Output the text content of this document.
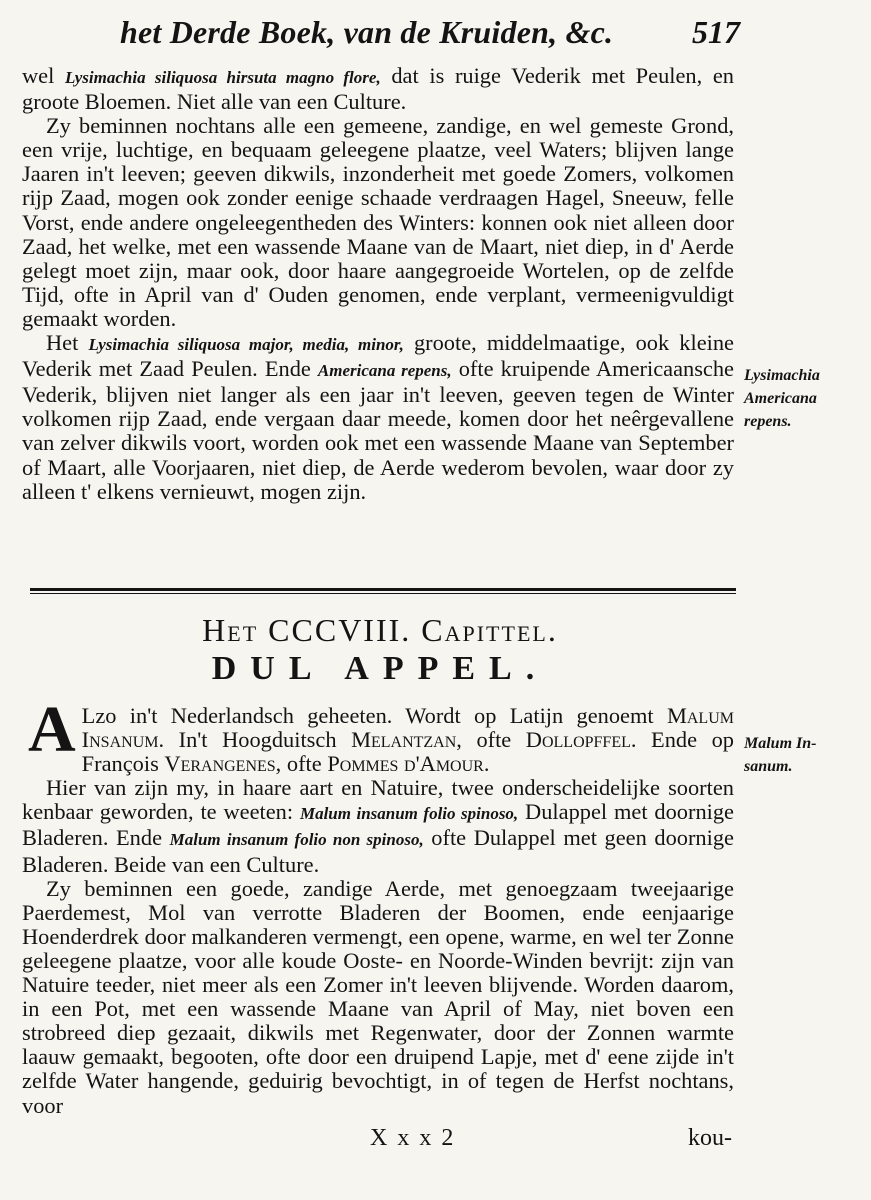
het Derde Boek, van de Kruiden, &c. 517

wel Lysimachia siliquosa hirsuta magno flore, dat is ruige Vederik met Peulen, en groote Bloemen. Niet alle van een Culture.

Zy beminnen nochtans alle een gemeene, zandige, en wel gemeste Grond, een vrije, luchtige, en bequaam geleegene plaatze, veel Waters; blijven lange Jaaren in't leeven; geeven dikwils, inzonderheit met goede Zomers, volkomen rijp Zaad, mogen ook zonder eenige schaade verdraagen Hagel, Sneeuw, felle Vorst, ende andere ongeleegentheden des Winters: konnen ook niet alleen door Zaad, het welke, met een wassende Maane van de Maart, niet diep, in d' Aerde gelegt moet zijn, maar ook, door haare aangegroeide Wortelen, op de zelfde Tijd, ofte in April van d' Ouden genomen, ende verplant, vermeenigvuldigt gemaakt worden.

Het Lysimachia siliquosa major, media, minor, groote, middelmaatige, ook kleine Vederik met Zaad Peulen. Ende Americana repens, ofte kruipende Americaansche Vederik, blijven niet langer als een jaar in't leeven, geeven tegen de Winter volkomen rijp Zaad, ende vergaan daar meede, komen door het neêrgevallene van zelver dikwils voort, worden ook met een wassende Maane van September of Maart, alle Voorjaaren, niet diep, de Aerde wederom bevolen, waar door zy alleen t' elkens vernieuwt, mogen zijn.

Lysimachia
Americana
repens.
Het CCCVIII. Capittel.
DUL APPEL.

A Lzo in't Nederlandsch geheeten. Wordt op Latijn genoemt Malum Insanum. In't Hoogduitsch Melantzan, ofte Dollopffel. Ende op François Verangenes, ofte Pommes d'Amour.

Hier van zijn my, in haare aart en Natuire, twee onderscheidelijke soorten kenbaar geworden, te weeten: Malum insanum folio spinoso, Dulappel met doornige Bladeren. Ende Malum insanum folio non spinoso, ofte Dulappel met geen doornige Bladeren. Beide van een Culture.

Zy beminnen een goede, zandige Aerde, met genoegzaam tweejaarige Paerdemest, Mol van verrotte Bladeren der Boomen, ende eenjaarige Hoenderdrek door malkanderen vermengt, een opene, warme, en wel ter Zonne geleegene plaatze, voor alle koude Ooste- en Noorde-Winden bevrijt: zijn van Natuire teeder, niet meer als een Zomer in't leeven blijvende. Worden daarom, in een Pot, met een wassende Maane van April of May, niet boven een strobreed diep gezaait, dikwils met Regenwater, door der Zonnen warmte laauw gemaakt, begooten, ofte door een druipend Lapje, met d' eene zijde in't zelfde Water hangende, geduirig bevochtigt, in of tegen de Herfst nochtans, voor

Malum In-
sanum.
Xxx2	kou-
